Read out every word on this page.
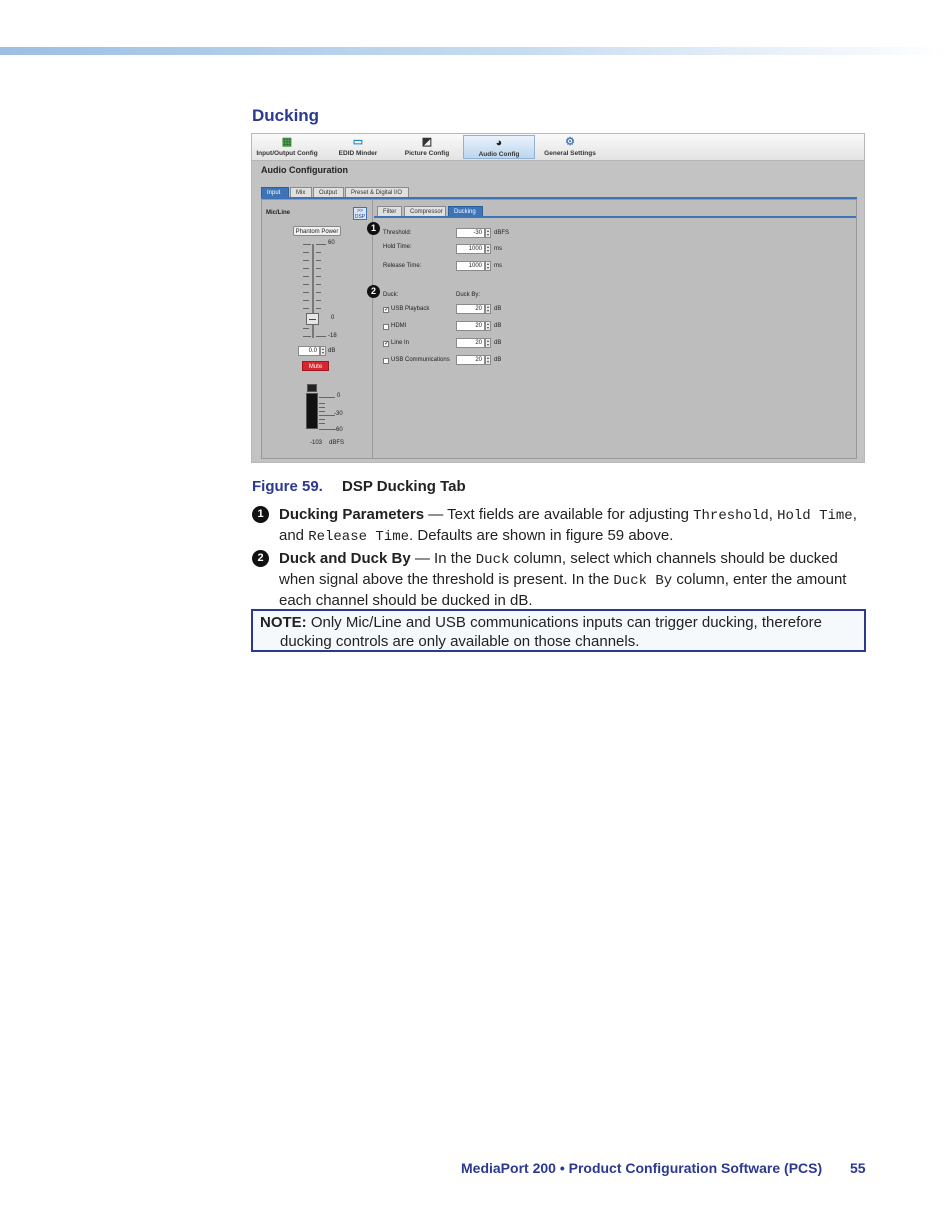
Ducking
▦
Input/Output Config
▭
EDID Minder
◩
Picture Config
◕
Audio Config
⚙
General Settings
Audio Configuration
Input	Mix	Output	Preset & Digital I/O
Mic/Line	>>
DSP
Phantom Power
60
0
-18
0.0	▴
▾ dB
Mute
0
-30
-60
-103 dBFS
Filter	Compressor	Ducking
1	Threshold:	-30	▴
▾ dBFS
Hold Time:	1000	▴
▾ ms
Release Time:	1000	▴
▾ ms
2	Duck:	Duck By:
✓ USB Playback	20	▴
▾ dB
HDMI	20	▴
▾ dB
✓ Line In	20	▴
▾ dB
USB Communications	20	▴
▾ dB
Figure 59. DSP Ducking Tab
1	Ducking Parameters — Text fields are available for adjusting Threshold, Hold Time, and Release Time. Defaults are shown in figure 59 above.
2	Duck and Duck By — In the Duck column, select which channels should be ducked when signal above the threshold is present. In the Duck By column, enter the amount each channel should be ducked in dB.
NOTE: Only Mic/Line and USB communications inputs can trigger ducking, therefore
ducking controls are only available on those channels.
MediaPort 200 • Product Configuration Software (PCS) 55
